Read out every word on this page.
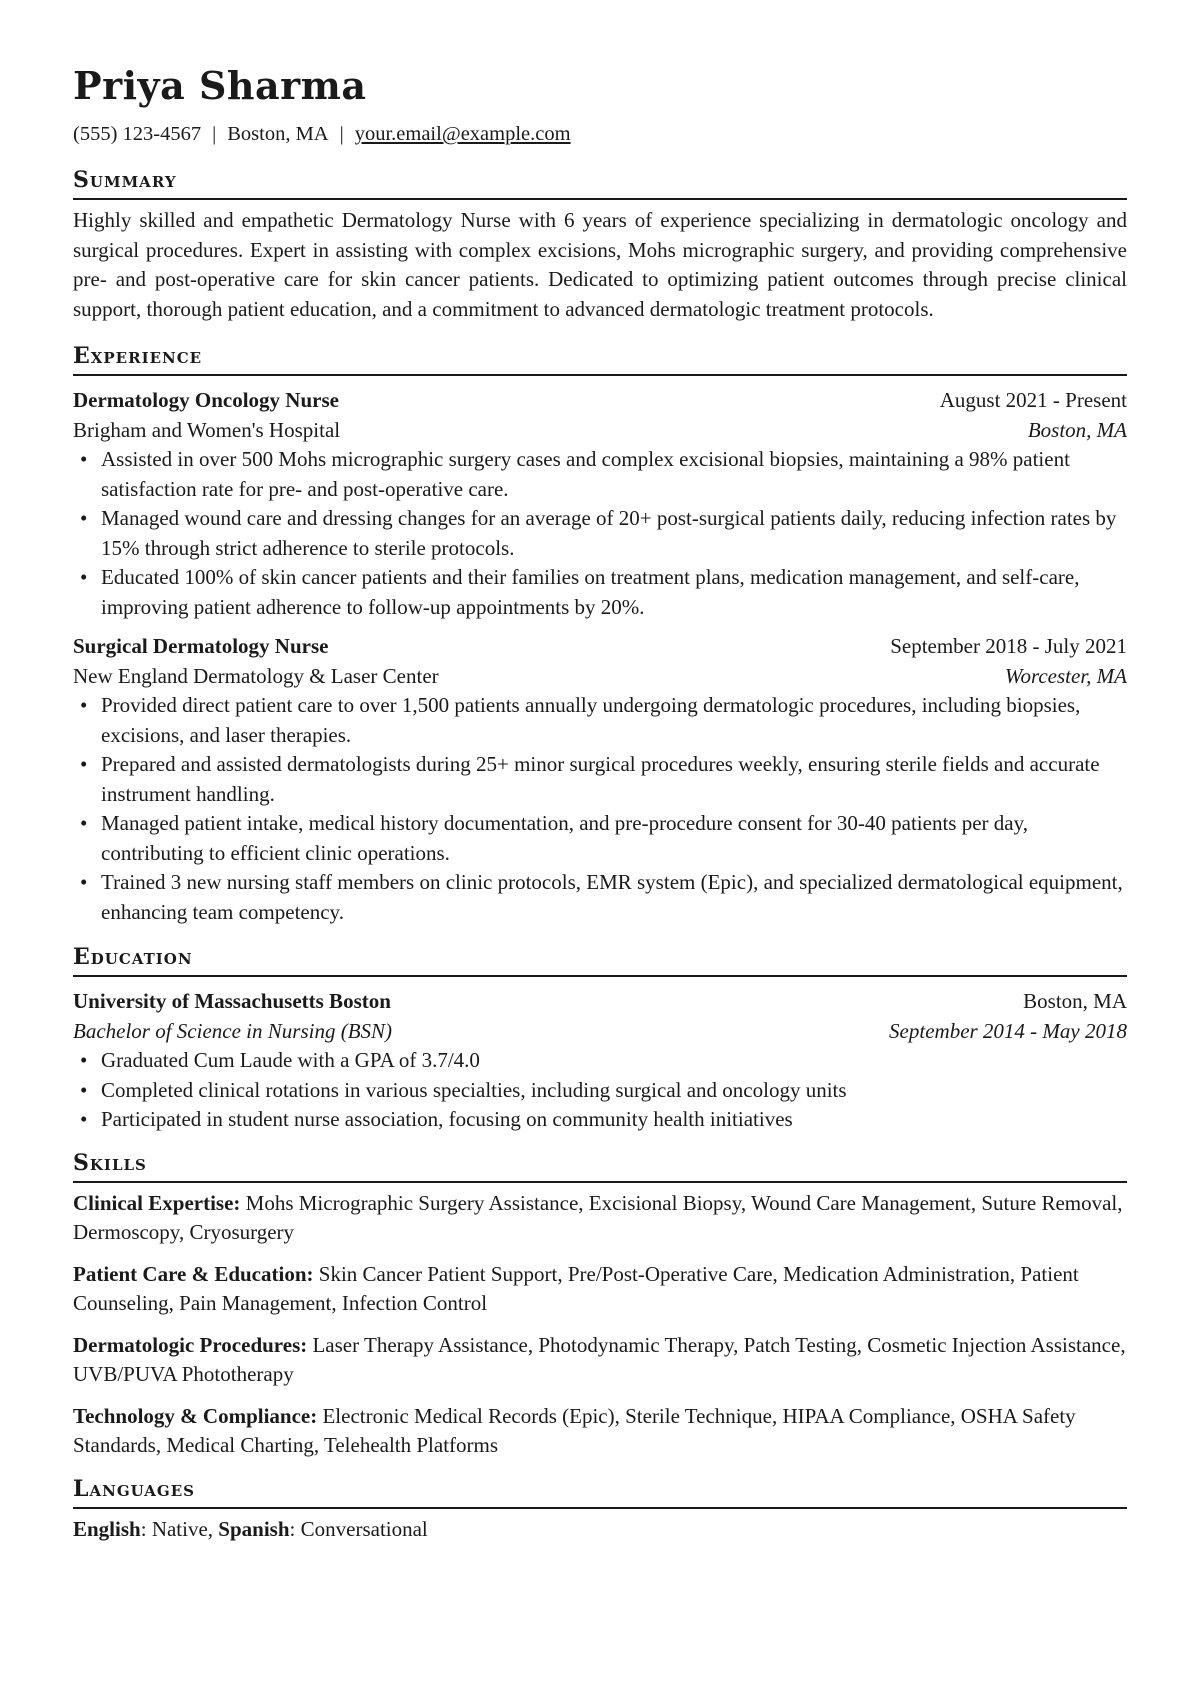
Priya Sharma
(555) 123-4567 | Boston, MA | your.email@example.com
Summary
Highly skilled and empathetic Dermatology Nurse with 6 years of experience specializing in dermatologic oncology and surgical procedures. Expert in assisting with complex excisions, Mohs micrographic surgery, and providing comprehensive pre- and post-operative care for skin cancer patients. Dedicated to optimizing patient outcomes through precise clinical support, thorough patient education, and a commitment to advanced dermatologic treatment protocols.
Experience
Dermatology Oncology Nurse	August 2021 - Present
Brigham and Women's Hospital	Boston, MA
• Assisted in over 500 Mohs micrographic surgery cases and complex excisional biopsies, maintaining a 98% patient satisfaction rate for pre- and post-operative care.
• Managed wound care and dressing changes for an average of 20+ post-surgical patients daily, reducing infection rates by 15% through strict adherence to sterile protocols.
• Educated 100% of skin cancer patients and their families on treatment plans, medication management, and self-care, improving patient adherence to follow-up appointments by 20%.
Surgical Dermatology Nurse	September 2018 - July 2021
New England Dermatology & Laser Center	Worcester, MA
• Provided direct patient care to over 1,500 patients annually undergoing dermatologic procedures, including biopsies, excisions, and laser therapies.
• Prepared and assisted dermatologists during 25+ minor surgical procedures weekly, ensuring sterile fields and accurate instrument handling.
• Managed patient intake, medical history documentation, and pre-procedure consent for 30-40 patients per day, contributing to efficient clinic operations.
• Trained 3 new nursing staff members on clinic protocols, EMR system (Epic), and specialized dermatological equipment, enhancing team competency.
Education
University of Massachusetts Boston	Boston, MA
Bachelor of Science in Nursing (BSN)	September 2014 - May 2018
• Graduated Cum Laude with a GPA of 3.7/4.0
• Completed clinical rotations in various specialties, including surgical and oncology units
• Participated in student nurse association, focusing on community health initiatives
Skills
Clinical Expertise: Mohs Micrographic Surgery Assistance, Excisional Biopsy, Wound Care Management, Suture Removal, Dermoscopy, Cryosurgery
Patient Care & Education: Skin Cancer Patient Support, Pre/Post-Operative Care, Medication Administration, Patient Counseling, Pain Management, Infection Control
Dermatologic Procedures: Laser Therapy Assistance, Photodynamic Therapy, Patch Testing, Cosmetic Injection Assistance, UVB/PUVA Phototherapy
Technology & Compliance: Electronic Medical Records (Epic), Sterile Technique, HIPAA Compliance, OSHA Safety Standards, Medical Charting, Telehealth Platforms
Languages
English: Native, Spanish: Conversational
